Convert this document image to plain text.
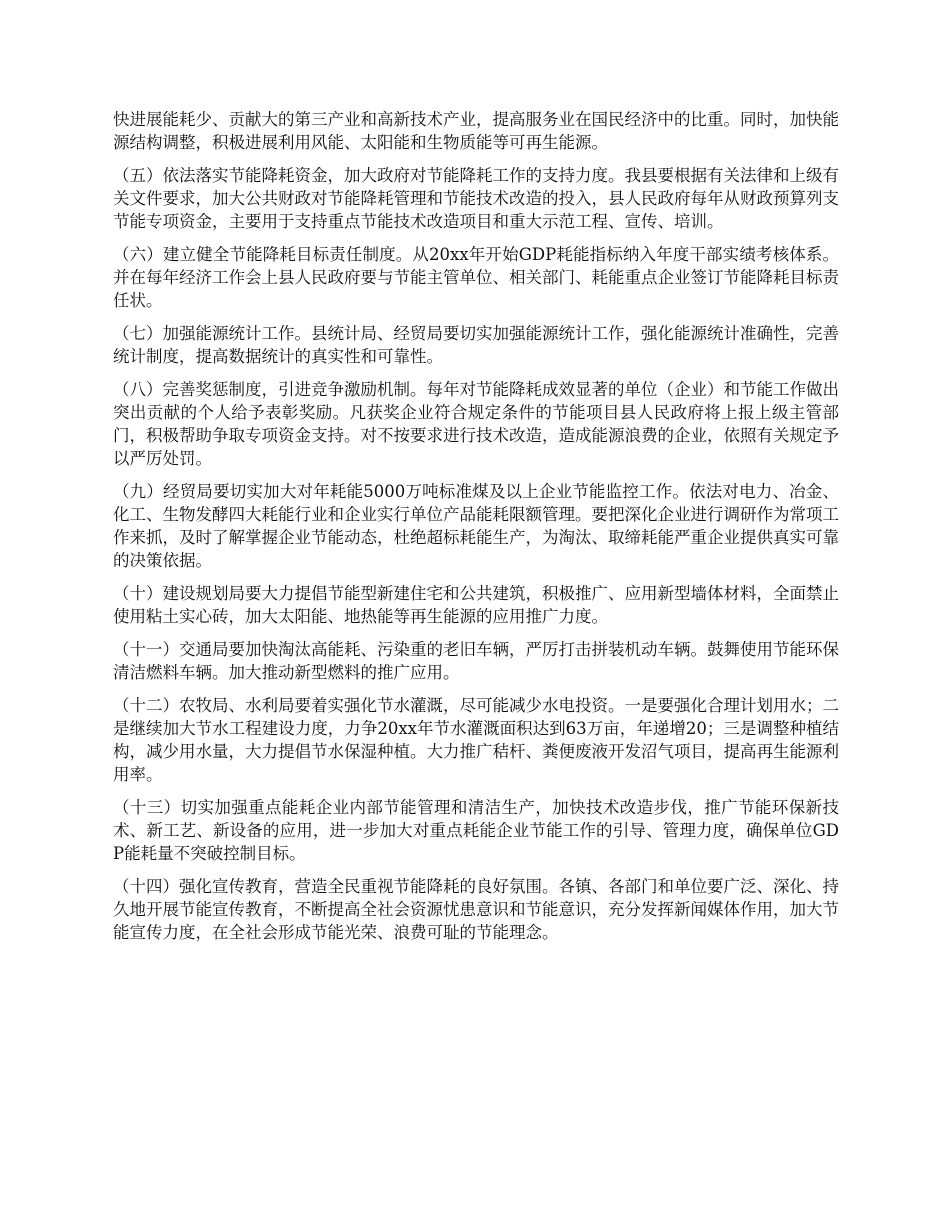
快进展能耗少、贡献大的第三产业和高新技术产业，提高服务业在国民经济中的比重。同时，加快能源结构调整，积极进展利用风能、太阳能和生物质能等可再生能源。

（五）依法落实节能降耗资金，加大政府对节能降耗工作的支持力度。我县要根据有关法律和上级有关文件要求，加大公共财政对节能降耗管理和节能技术改造的投入，县人民政府每年从财政预算列支节能专项资金，主要用于支持重点节能技术改造项目和重大示范工程、宣传、培训。

（六）建立健全节能降耗目标责任制度。从20xx年开始GDP耗能指标纳入年度干部实绩考核体系。并在每年经济工作会上县人民政府要与节能主管单位、相关部门、耗能重点企业签订节能降耗目标责任状。

（七）加强能源统计工作。县统计局、经贸局要切实加强能源统计工作，强化能源统计准确性，完善统计制度，提高数据统计的真实性和可靠性。

（八）完善奖惩制度，引进竞争激励机制。每年对节能降耗成效显著的单位（企业）和节能工作做出突出贡献的个人给予表彰奖励。凡获奖企业符合规定条件的节能项目县人民政府将上报上级主管部门，积极帮助争取专项资金支持。对不按要求进行技术改造，造成能源浪费的企业，依照有关规定予以严厉处罚。

（九）经贸局要切实加大对年耗能5000万吨标准煤及以上企业节能监控工作。依法对电力、冶金、化工、生物发酵四大耗能行业和企业实行单位产品能耗限额管理。要把深化企业进行调研作为常项工作来抓，及时了解掌握企业节能动态，杜绝超标耗能生产，为淘汰、取缔耗能严重企业提供真实可靠的决策依据。

（十）建设规划局要大力提倡节能型新建住宅和公共建筑，积极推广、应用新型墙体材料，全面禁止使用粘土实心砖，加大太阳能、地热能等再生能源的应用推广力度。

（十一）交通局要加快淘汰高能耗、污染重的老旧车辆，严厉打击拼装机动车辆。鼓舞使用节能环保清洁燃料车辆。加大推动新型燃料的推广应用。

（十二）农牧局、水利局要着实强化节水灌溉，尽可能减少水电投资。一是要强化合理计划用水；二是继续加大节水工程建设力度，力争20xx年节水灌溉面积达到63万亩，年递增20；三是调整种植结构，减少用水量，大力提倡节水保湿种植。大力推广秸杆、粪便废液开发沼气项目，提高再生能源利用率。

（十三）切实加强重点能耗企业内部节能管理和清洁生产，加快技术改造步伐，推广节能环保新技术、新工艺、新设备的应用，进一步加大对重点耗能企业节能工作的引导、管理力度，确保单位GDP能耗量不突破控制目标。

（十四）强化宣传教育，营造全民重视节能降耗的良好氛围。各镇、各部门和单位要广泛、深化、持久地开展节能宣传教育，不断提高全社会资源忧患意识和节能意识，充分发挥新闻媒体作用，加大节能宣传力度，在全社会形成节能光荣、浪费可耻的节能理念。
